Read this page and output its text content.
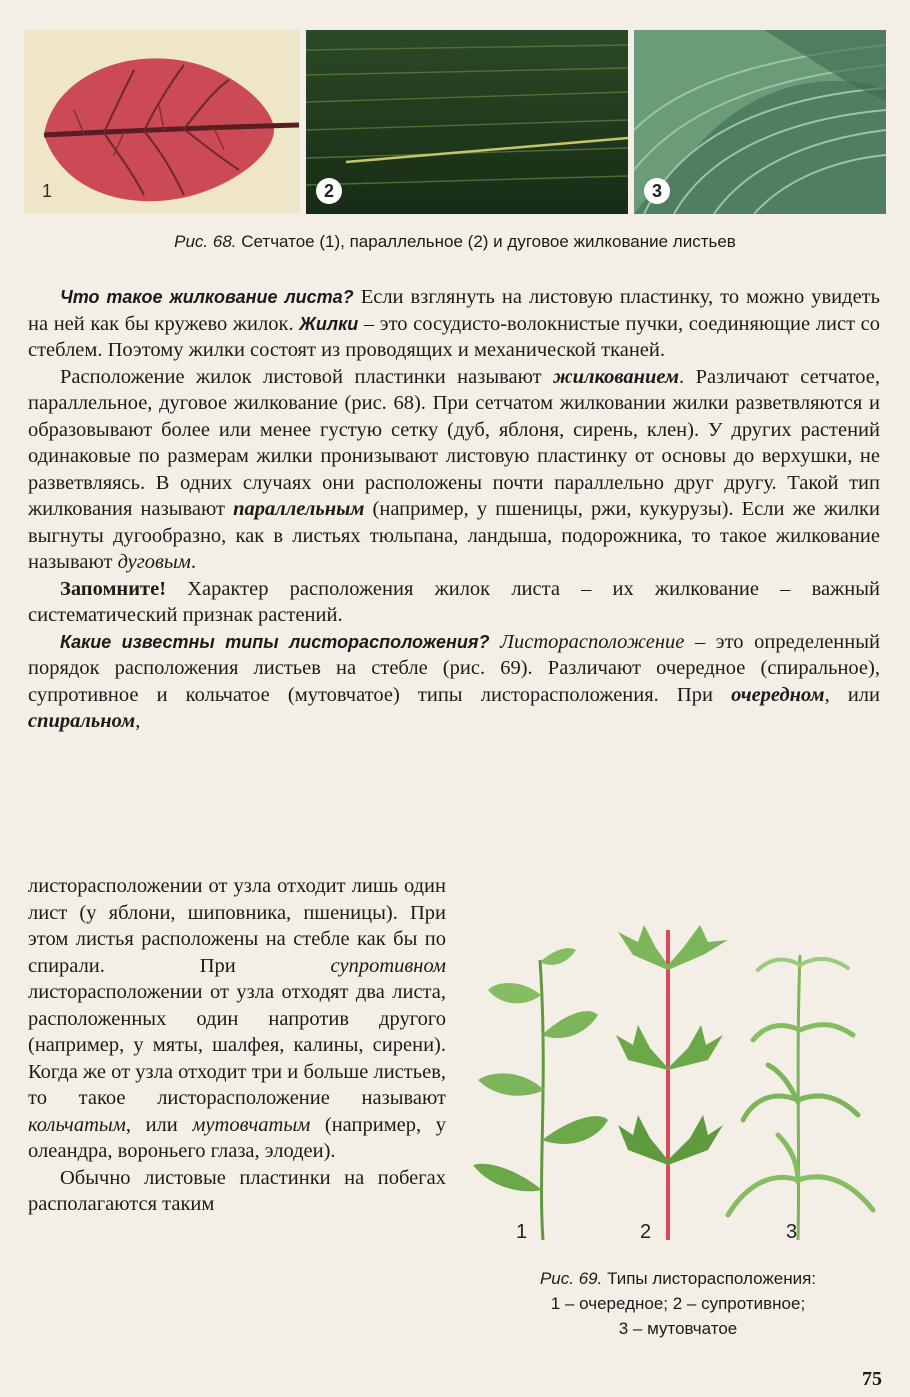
1	2	3
Рис. 68. Сетчатое (1), параллельное (2) и дуговое жилкование листьев

Что такое жилкование листа? Если взглянуть на листовую пластинку, то можно увидеть на ней как бы кружево жилок. Жилки – это сосудисто-волокнистые пучки, соединяющие лист со стеблем. Поэтому жилки состоят из проводящих и механической тканей.

Расположение жилок листовой пластинки называют жилкованием. Различают сетчатое, параллельное, дуговое жилкование (рис. 68). При сетчатом жилковании жилки разветвляются и образовывают более или менее густую сетку (дуб, яблоня, сирень, клен). У других растений одинаковые по размерам жилки пронизывают листовую пластинку от основы до верхушки, не разветвляясь. В одних случаях они расположены почти параллельно друг другу. Такой тип жилкования называют параллельным (например, у пшеницы, ржи, кукурузы). Если же жилки выгнуты дугообразно, как в листьях тюльпана, ландыша, подорожника, то такое жилкование называют дуговым.

Запомните! Характер расположения жилок листа – их жилкование – важный систематический признак растений.

Какие известны типы листорасположения? Листорасположение – это определенный порядок расположения листьев на стебле (рис. 69). Различают очередное (спиральное), супротивное и кольчатое (мутовчатое) типы листорасположения. При очередном, или спиральном,

листорасположении от узла отходит лишь один лист (у яблони, шиповника, пшеницы). При этом листья расположены на стебле как бы по спирали. При супротивном листорасположении от узла отходят два листа, расположенных один напротив другого (например, у мяты, шалфея, калины, сирени). Когда же от узла отходит три и больше листьев, то такое листорасположение называют кольчатым, или мутовчатым (например, у олеандра, вороньего глаза, элодеи).

Обычно листовые пластинки на побегах располагаются таким

1	2	3
Рис. 69. Типы листорасположения:
1 – очередное; 2 – супротивное;
3 – мутовчатое
75
